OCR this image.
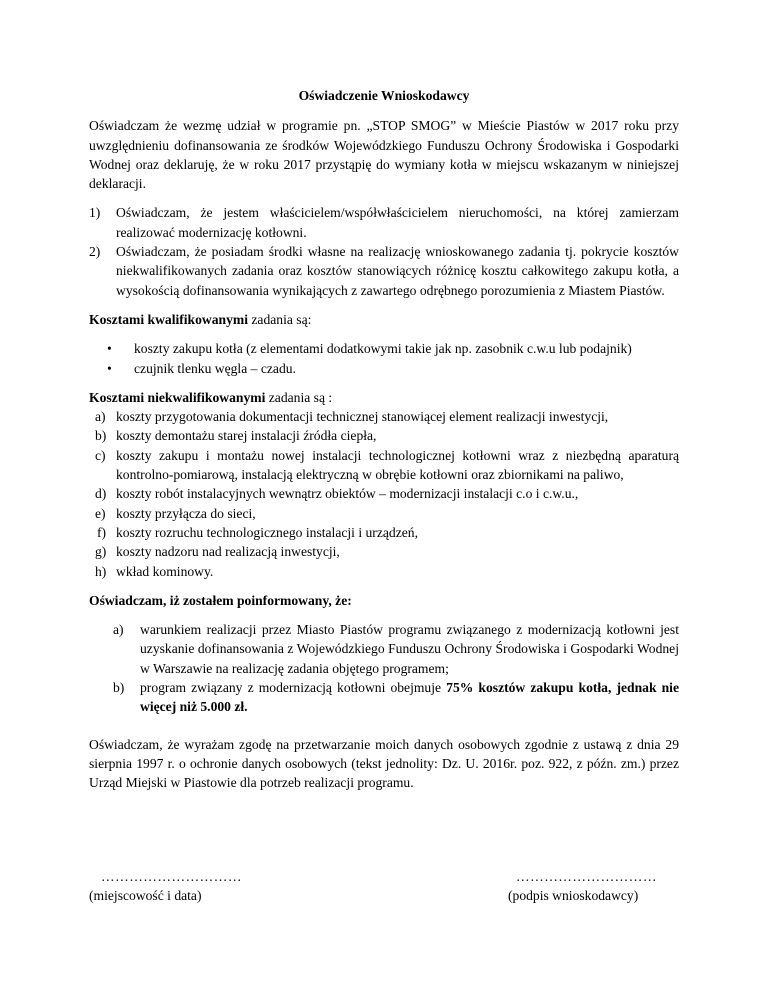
Oświadczenie Wnioskodawcy

Oświadczam że wezmę udział w programie pn. „STOP SMOG” w Mieście Piastów w 2017 roku przy uwzględnieniu dofinansowania ze środków Wojewódzkiego Funduszu Ochrony Środowiska i Gospodarki Wodnej oraz deklaruję, że w roku 2017 przystąpię do wymiany kotła w miejscu wskazanym w niniejszej deklaracji.

1)	Oświadczam, że jestem właścicielem/współwłaścicielem nieruchomości, na której zamierzam realizować modernizację kotłowni.
2)	Oświadczam, że posiadam środki własne na realizację wnioskowanego zadania tj. pokrycie kosztów niekwalifikowanych zadania oraz kosztów stanowiących różnicę kosztu całkowitego zakupu kotła, a wysokością dofinansowania wynikających z zawartego odrębnego porozumienia z Miastem Piastów.

Kosztami kwalifikowanymi zadania są:

•	koszty zakupu kotła (z elementami dodatkowymi takie jak np. zasobnik c.w.u lub podajnik)
•	czujnik tlenku węgla – czadu.

Kosztami niekwalifikowanymi zadania są :

a) koszty przygotowania dokumentacji technicznej stanowiącej element realizacji inwestycji,
b) koszty demontażu starej instalacji źródła ciepła,
c) koszty zakupu i montażu nowej instalacji technologicznej kotłowni wraz z niezbędną aparaturą kontrolno-pomiarową, instalacją elektryczną w obrębie kotłowni oraz zbiornikami na paliwo,
d) koszty robót instalacyjnych wewnątrz obiektów – modernizacji instalacji c.o i c.w.u.,
e) koszty przyłącza do sieci,
f) koszty rozruchu technologicznego instalacji i urządzeń,
g) koszty nadzoru nad realizacją inwestycji,
h) wkład kominowy.

Oświadczam, iż zostałem poinformowany, że:

a)	warunkiem realizacji przez Miasto Piastów programu związanego z modernizacją kotłowni jest uzyskanie dofinansowania z Wojewódzkiego Funduszu Ochrony Środowiska i Gospodarki Wodnej w Warszawie na realizację zadania objętego programem;
b)	program związany z modernizacją kotłowni obejmuje 75% kosztów zakupu kotła, jednak nie więcej niż 5.000 zł.

Oświadczam, że wyrażam zgodę na przetwarzanie moich danych osobowych zgodnie z ustawą z dnia 29 sierpnia 1997 r. o ochronie danych osobowych (tekst jednolity: Dz. U. 2016r. poz. 922, z późn. zm.) przez Urząd Miejski w Piastowie dla potrzeb realizacji programu.

…………………………
(miejscowość i data)
…………………………
(podpis wnioskodawcy)
